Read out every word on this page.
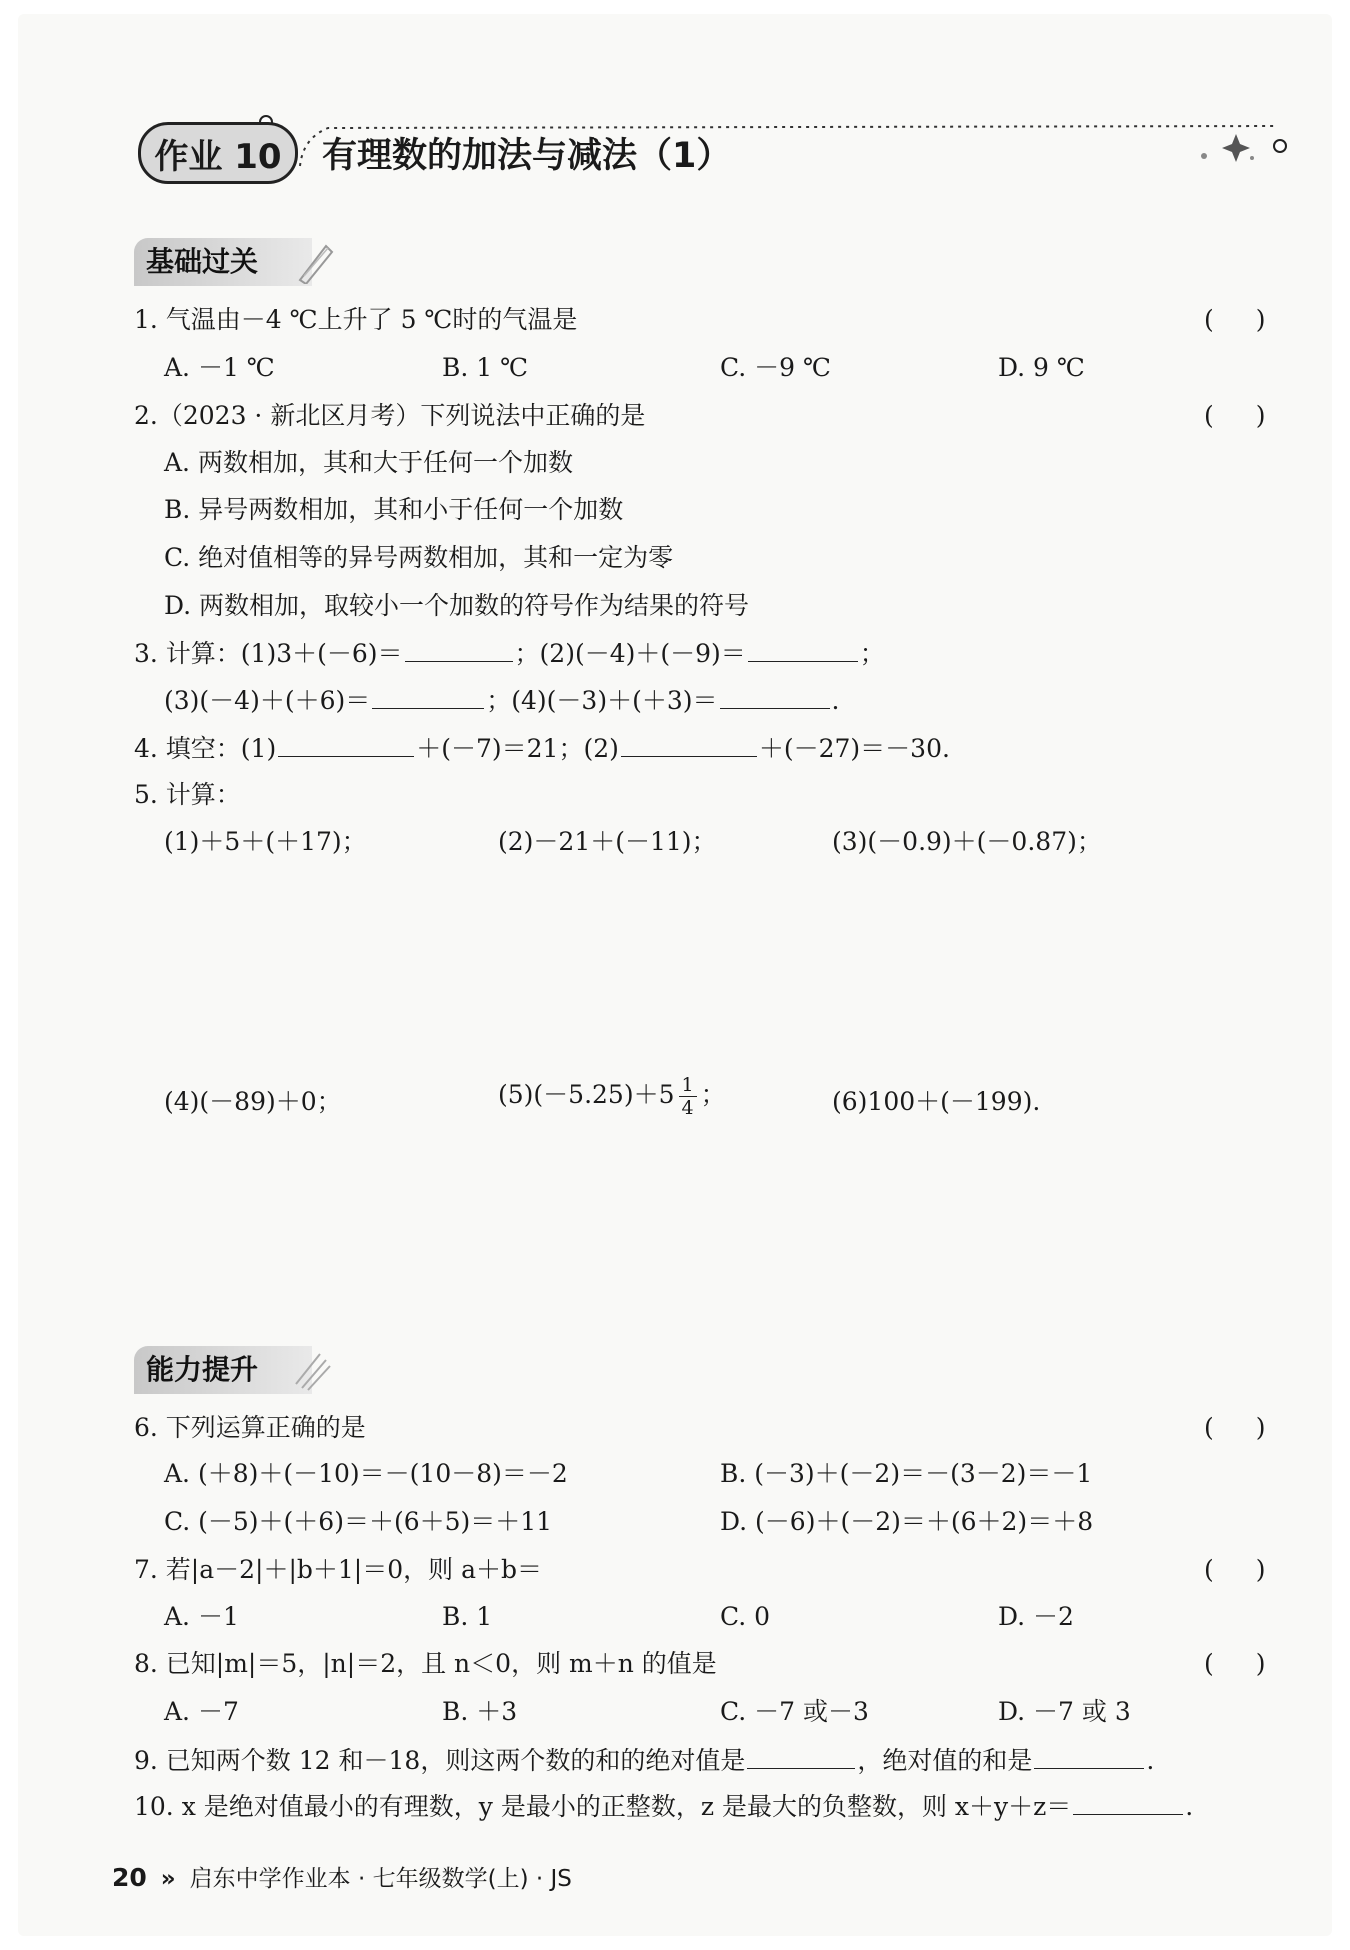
作业 10	有理数的加法与减法（1）
基础过关
1. 气温由－4 ℃上升了 5 ℃时的气温是	()
A. －1 ℃	B. 1 ℃	C. －9 ℃	D. 9 ℃
2.（2023 · 新北区月考）下列说法中正确的是	()
A. 两数相加，其和大于任何一个加数
B. 异号两数相加，其和小于任何一个加数
C. 绝对值相等的异号两数相加，其和一定为零
D. 两数相加，取较小一个加数的符号作为结果的符号
3. 计算：(1)3＋(－6)＝	；(2)(－4)＋(－9)＝	；
(3)(－4)＋(＋6)＝	；(4)(－3)＋(＋3)＝	.
4. 填空：(1)	＋(－7)＝21；(2)	＋(－27)＝－30.
5. 计算：
(1)＋5＋(＋17)；	(2)－21＋(－11)；	(3)(－0.9)＋(－0.87)；
(4)(－89)＋0；	$(5)(-5.25)+5 \frac{1}{4}$ ；	(6)100＋(－199).
能力提升
6. 下列运算正确的是	()
A. (＋8)＋(－10)＝－(10－8)＝－2	B. (－3)＋(－2)＝－(3－2)＝－1
C. (－5)＋(＋6)＝＋(6＋5)＝＋11	D. (－6)＋(－2)＝＋(6＋2)＝＋8
7. 若|a－2|＋|b＋1|＝0，则 a＋b＝	()
A. －1	B. 1	C. 0	D. －2
8. 已知|m|＝5，|n|＝2，且 n＜0，则 m＋n 的值是	()
A. －7	B. ＋3	C. －7 或－3	D. －7 或 3
9. 已知两个数 12 和－18，则这两个数的和的绝对值是	，绝对值的和是	.
10. x 是绝对值最小的有理数，y 是最小的正整数，z 是最大的负整数，则 x＋y＋z＝	.
20 » 启东中学作业本 · 七年级数学(上) · JS
